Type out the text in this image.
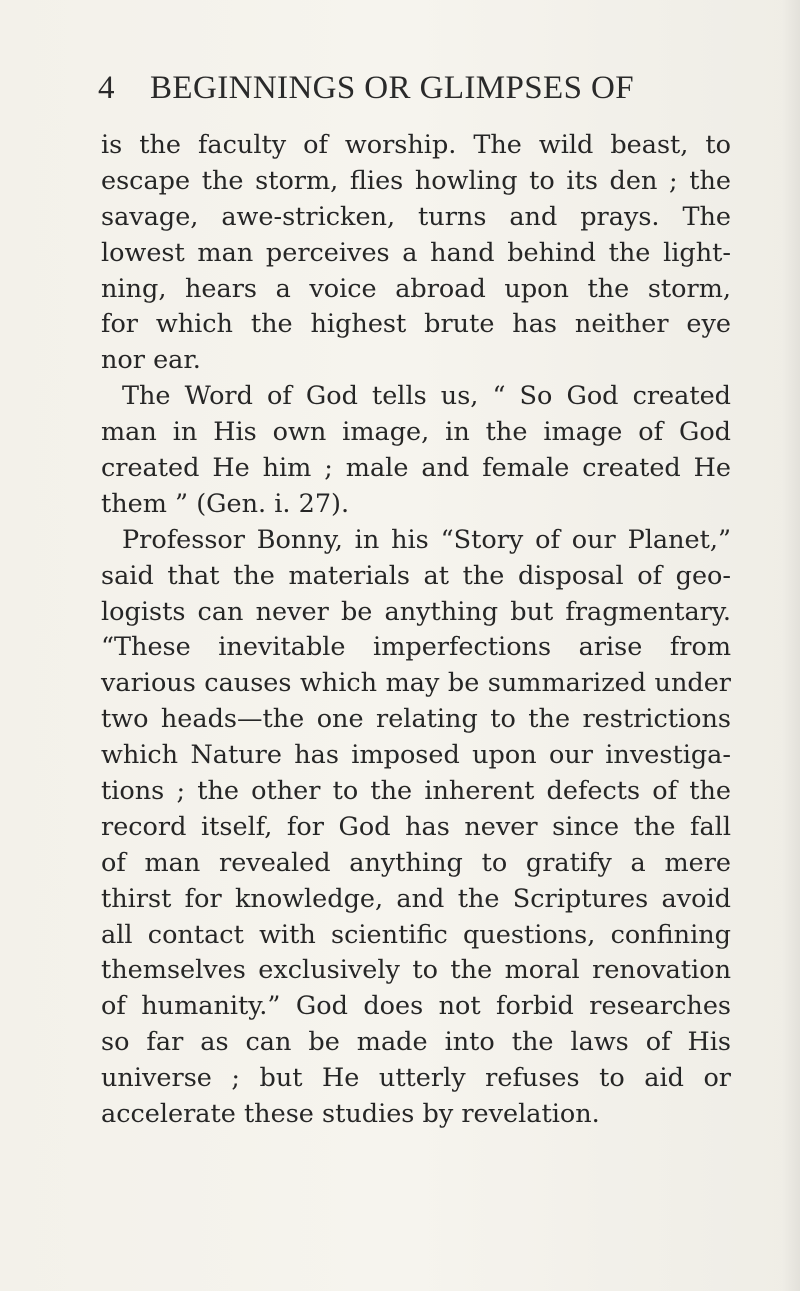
4 BEGINNINGS OR GLIMPSES OF
is the faculty of worship. The wild beast, to
escape the storm, flies howling to its den ; the
savage, awe-stricken, turns and prays. The
lowest man perceives a hand behind the light-
ning, hears a voice abroad upon the storm,
for which the highest brute has neither eye
nor ear.
The Word of God tells us, “ So God created
man in His own image, in the image of God
created He him ; male and female created He
them ” (Gen. i. 27).
Professor Bonny, in his “Story of our Planet,”
said that the materials at the disposal of geo-
logists can never be anything but fragmentary.
“These inevitable imperfections arise from
various causes which may be summarized under
two heads—the one relating to the restrictions
which Nature has imposed upon our investiga-
tions ; the other to the inherent defects of the
record itself, for God has never since the fall
of man revealed anything to gratify a mere
thirst for knowledge, and the Scriptures avoid
all contact with scientific questions, confining
themselves exclusively to the moral renovation
of humanity.” God does not forbid researches
so far as can be made into the laws of His
universe ; but He utterly refuses to aid or
accelerate these studies by revelation.
